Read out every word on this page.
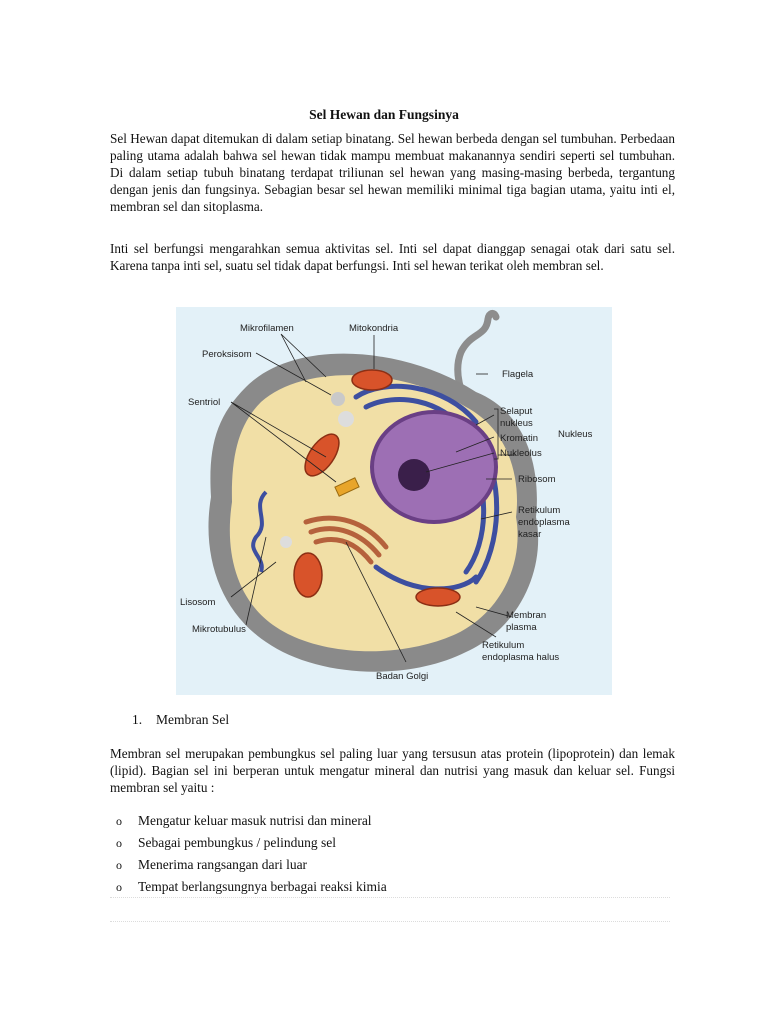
Sel Hewan dan Fungsinya

Sel Hewan dapat ditemukan di dalam setiap binatang. Sel hewan berbeda dengan sel tumbuhan. Perbedaan paling utama adalah bahwa sel hewan tidak mampu membuat makanannya sendiri seperti sel tumbuhan. Di dalam setiap tubuh binatang terdapat triliunan sel hewan yang masing-masing berbeda, tergantung dengan jenis dan fungsinya. Sebagian besar sel hewan memiliki minimal tiga bagian utama, yaitu inti el, membran sel dan sitoplasma.

Inti sel berfungsi mengarahkan semua aktivitas sel. Inti sel dapat dianggap senagai otak dari satu sel. Karena tanpa inti sel, suatu sel tidak dapat berfungsi. Inti sel hewan terikat oleh membran sel.

Mikrofilamen	Mitokondria
Peroksisom
Sentriol
Flagela
Selaput
nukleus
Kromatin
Nukleolus
Nukleus
Ribosom
Retikulum
endoplasma
kasar
Lisosom
Mikrotubulus
Membran
plasma
Retikulum
endoplasma halus
Badan Golgi
1. Membran Sel

Membran sel merupakan pembungkus sel paling luar yang tersusun atas protein (lipoprotein) dan lemak (lipid). Bagian sel ini berperan untuk mengatur mineral dan nutrisi yang masuk dan keluar sel. Fungsi membran sel yaitu :

o Mengatur keluar masuk nutrisi dan mineral
o Sebagai pembungkus / pelindung sel
o Menerima rangsangan dari luar
o Tempat berlangsungnya berbagai reaksi kimia
